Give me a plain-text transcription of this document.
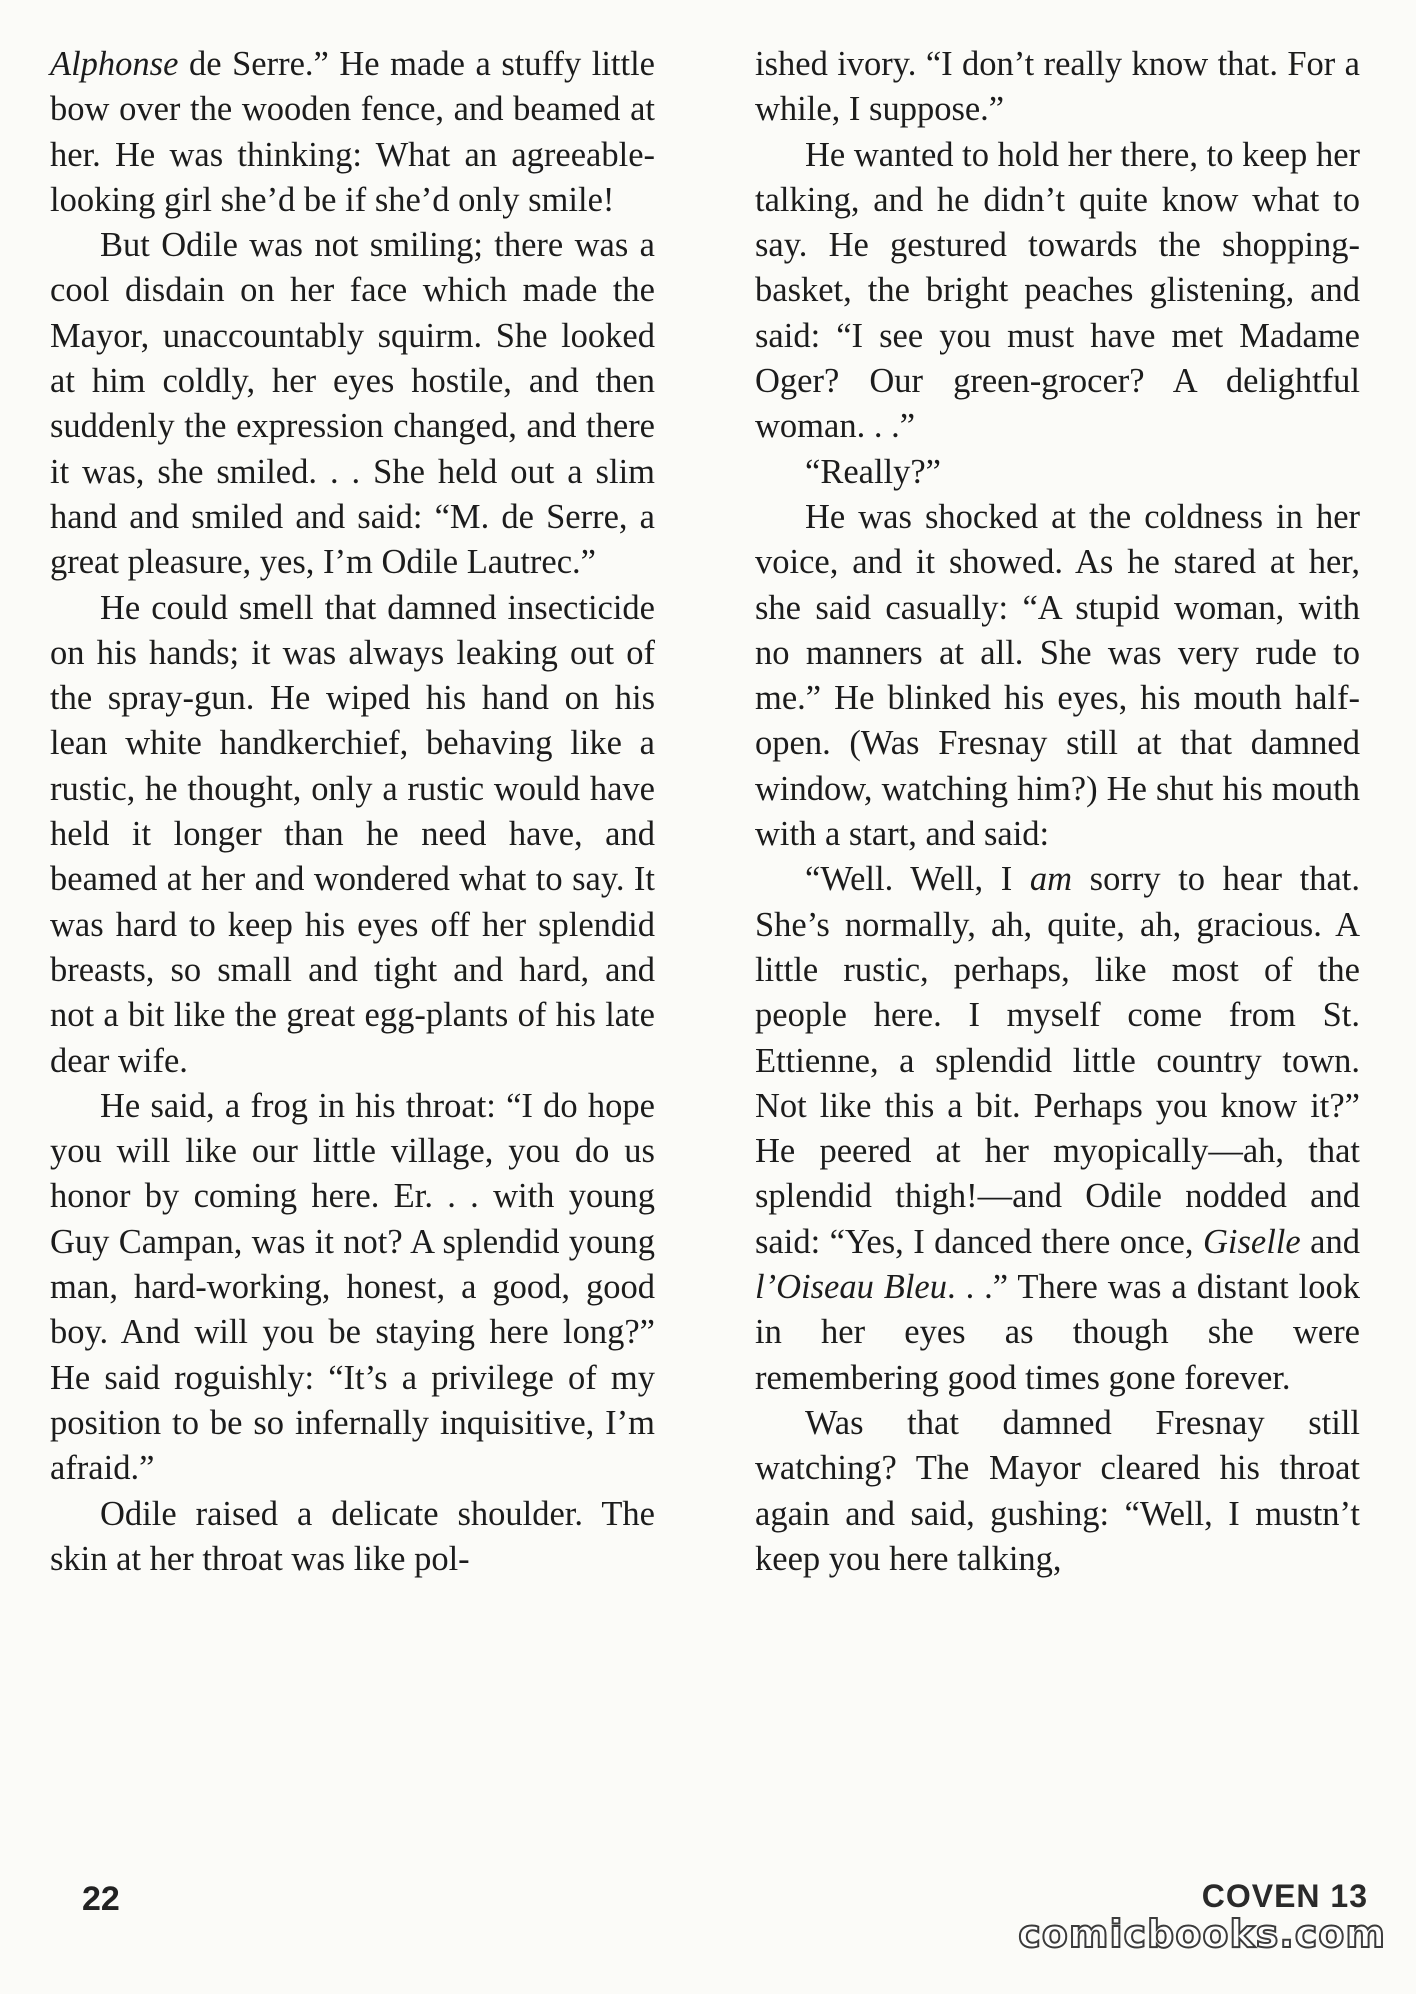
Alphonse de Serre.” He made a stuffy little bow over the wooden fence, and beamed at her. He was thinking: What an agreeable-looking girl she’d be if she’d only smile!

But Odile was not smiling; there was a cool disdain on her face which made the Mayor, unaccountably squirm. She looked at him coldly, her eyes hostile, and then suddenly the expression changed, and there it was, she smiled. . . She held out a slim hand and smiled and said: “M. de Serre, a great pleasure, yes, I’m Odile Lautrec.”

He could smell that damned insecticide on his hands; it was always leaking out of the spray-gun. He wiped his hand on his lean white handkerchief, behaving like a rustic, he thought, only a rustic would have held it longer than he need have, and beamed at her and wondered what to say. It was hard to keep his eyes off her splendid breasts, so small and tight and hard, and not a bit like the great egg-plants of his late dear wife.

He said, a frog in his throat: “I do hope you will like our little village, you do us honor by coming here. Er. . . with young Guy Campan, was it not? A splendid young man, hard-working, honest, a good, good boy. And will you be staying here long?” He said roguishly: “It’s a privilege of my position to be so infernally inquisitive, I’m afraid.”

Odile raised a delicate shoulder. The skin at her throat was like pol-

ished ivory. “I don’t really know that. For a while, I suppose.”

He wanted to hold her there, to keep her talking, and he didn’t quite know what to say. He gestured towards the shopping-basket, the bright peaches glistening, and said: “I see you must have met Madame Oger? Our green-grocer? A delightful woman. . .”

“Really?”

He was shocked at the coldness in her voice, and it showed. As he stared at her, she said casually: “A stupid woman, with no manners at all. She was very rude to me.” He blinked his eyes, his mouth half-open. (Was Fresnay still at that damned window, watching him?) He shut his mouth with a start, and said:

“Well. Well, I am sorry to hear that. She’s normally, ah, quite, ah, gracious. A little rustic, perhaps, like most of the people here. I myself come from St. Ettienne, a splendid little country town. Not like this a bit. Perhaps you know it?” He peered at her myopically—ah, that splendid thigh!—and Odile nodded and said: “Yes, I danced there once, Giselle and l’Oiseau Bleu. . .” There was a distant look in her eyes as though she were remembering good times gone forever.

Was that damned Fresnay still watching? The Mayor cleared his throat again and said, gushing: “Well, I mustn’t keep you here talking,

22	COVEN 13
comicbooks.com
